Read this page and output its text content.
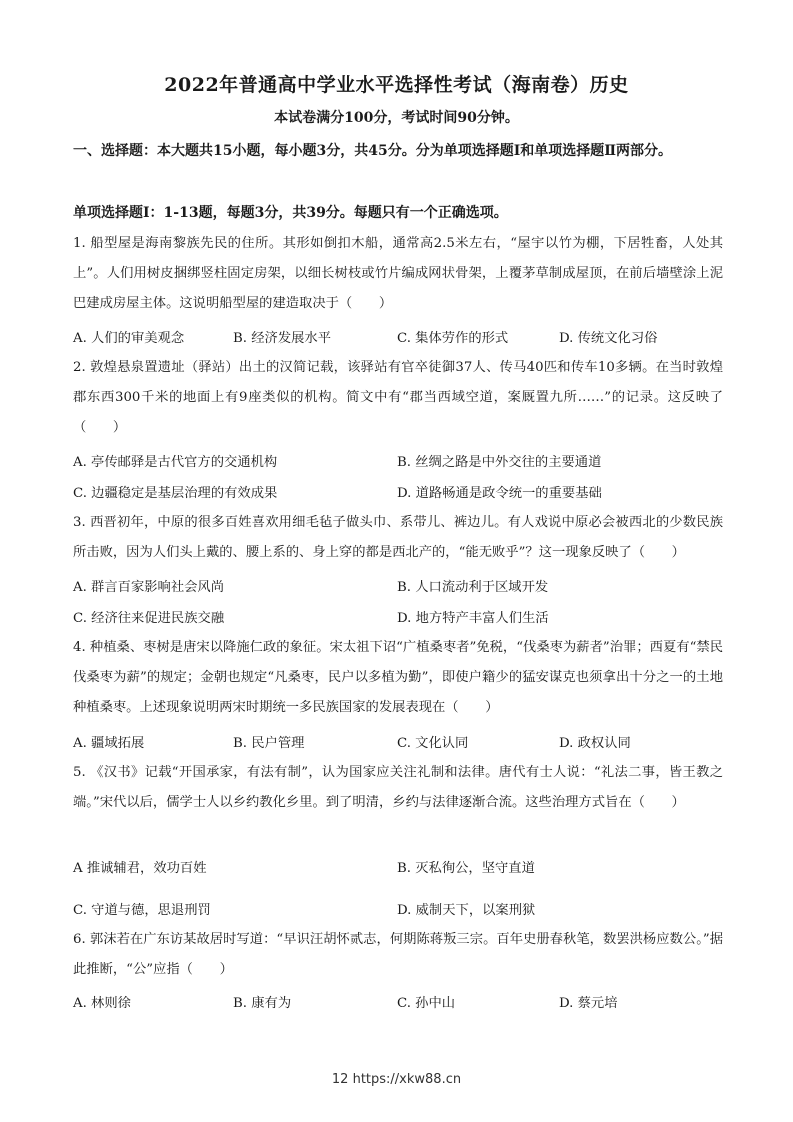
2022年普通高中学业水平选择性考试（海南卷）历史
本试卷满分100分，考试时间90分钟。
一、选择题：本大题共15小题，每小题3分，共45分。分为单项选择题Ⅰ和单项选择题Ⅱ两部分。
单项选择题Ⅰ：1-13题，每题3分，共39分。每题只有一个正确选项。
1. 船型屋是海南黎族先民的住所。其形如倒扣木船，通常高2.5米左右，“屋宇以竹为棚，下居牲畜，人处其上”。人们用树皮捆绑竖柱固定房架，以细长树枝或竹片编成网状骨架，上覆茅草制成屋顶，在前后墙壁涂上泥巴建成房屋主体。这说明船型屋的建造取决于（　　）
A. 人们的审美观念	B. 经济发展水平	C. 集体劳作的形式	D. 传统文化习俗
2. 敦煌悬泉置遗址（驿站）出土的汉简记载，该驿站有官卒徒御37人、传马40匹和传车10多辆。在当时敦煌郡东西300千米的地面上有9座类似的机构。简文中有“郡当西域空道，案厩置九所……”的记录。这反映了（　　）
A. 亭传邮驿是古代官方的交通机构	B. 丝绸之路是中外交往的主要通道
C. 边疆稳定是基层治理的有效成果	D. 道路畅通是政令统一的重要基础
3. 西晋初年，中原的很多百姓喜欢用细毛毡子做头巾、系带儿、裤边儿。有人戏说中原必会被西北的少数民族所击败，因为人们头上戴的、腰上系的、身上穿的都是西北产的，“能无败乎”？这一现象反映了（　　）
A. 群言百家影响社会风尚	B. 人口流动利于区域开发
C. 经济往来促进民族交融	D. 地方特产丰富人们生活
4. 种植桑、枣树是唐宋以降施仁政的象征。宋太祖下诏“广植桑枣者”免税，“伐桑枣为薪者”治罪；西夏有“禁民伐桑枣为薪”的规定；金朝也规定“凡桑枣，民户以多植为勤”，即使户籍少的猛安谋克也须拿出十分之一的土地种植桑枣。上述现象说明两宋时期统一多民族国家的发展表现在（　　）
A. 疆域拓展	B. 民户管理	C. 文化认同	D. 政权认同
5. 《汉书》记载“开国承家，有法有制”，认为国家应关注礼制和法律。唐代有士人说：“礼法二事，皆王教之端。”宋代以后，儒学士人以乡约教化乡里。到了明清，乡约与法律逐渐合流。这些治理方式旨在（　　）
A 推诚辅君，效功百姓	B. 灭私徇公，坚守直道
C. 守道与德，思退刑罚	D. 威制天下，以案刑狱
6. 郭沫若在广东访某故居时写道：“早识汪胡怀贰志，何期陈蒋叛三宗。百年史册春秋笔，数罢洪杨应数公。”据此推断，“公”应指（　　）
A. 林则徐	B. 康有为	C. 孙中山	D. 蔡元培
12 https://xkw88.cn
